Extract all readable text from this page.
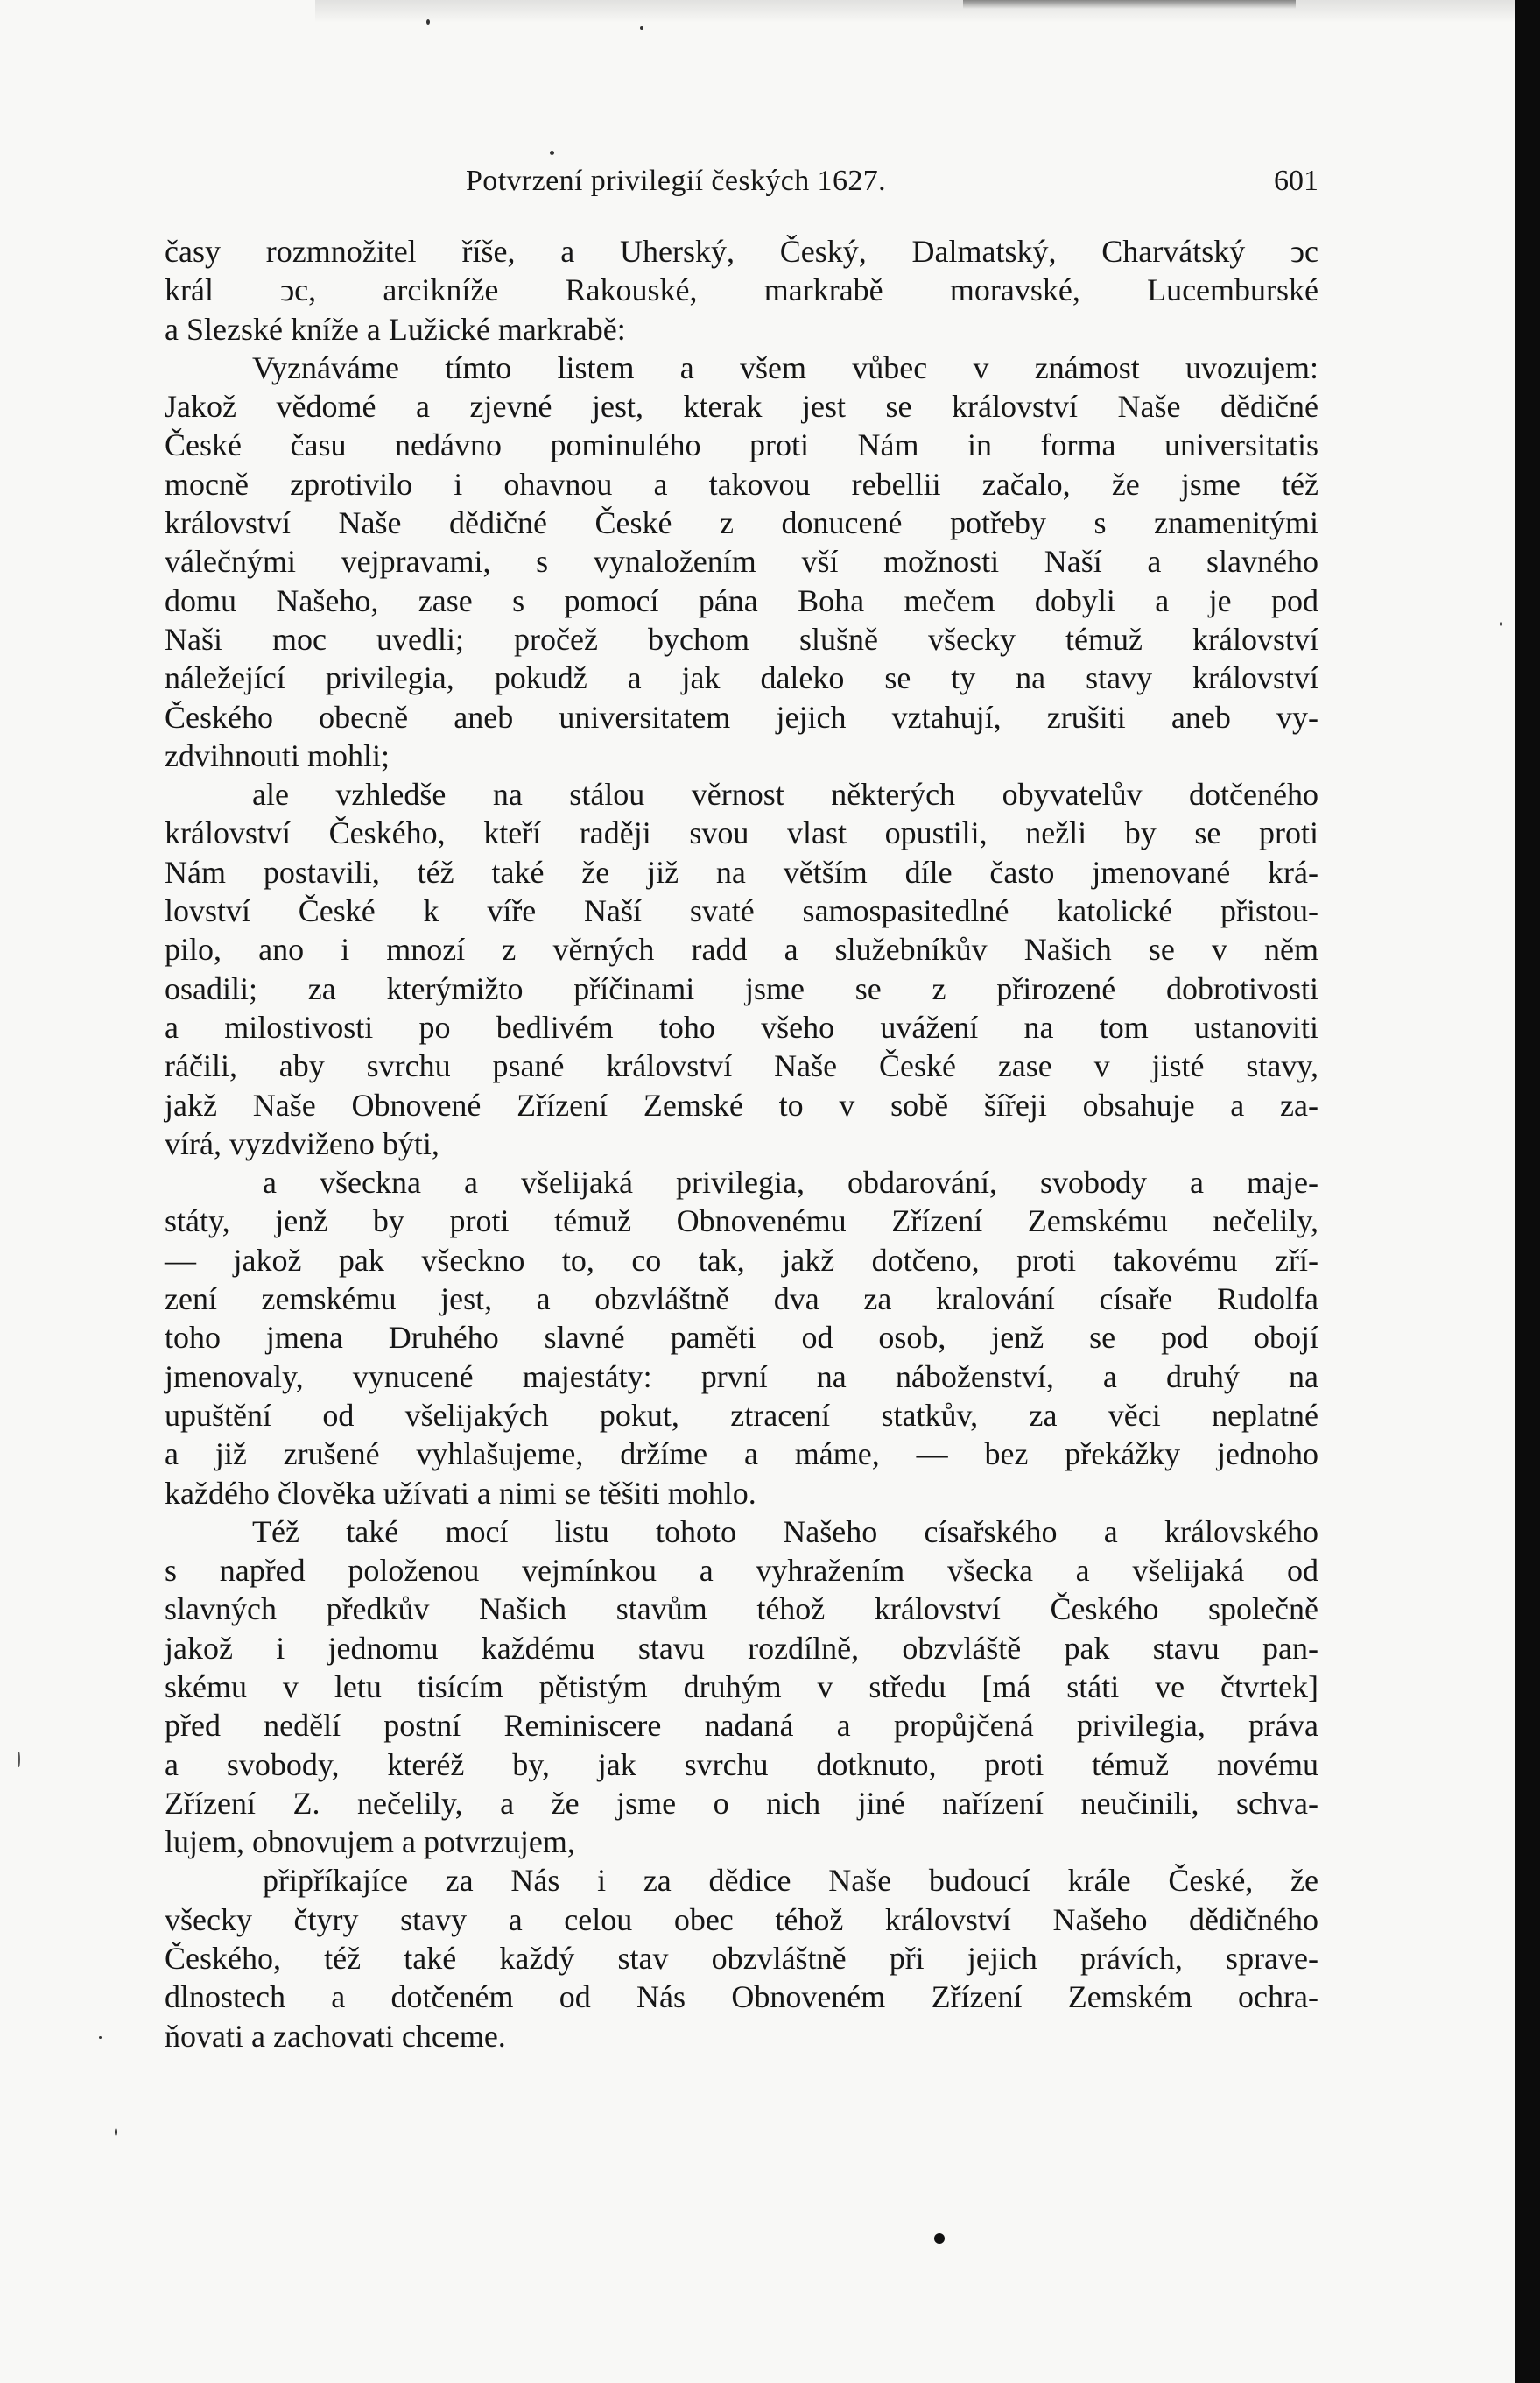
Potvrzení privilegií českých 1627.	601
časy rozmnožitel říše, a Uherský, Český, Dalmatský, Charvátský ͻc
král ͻc, arcikníže Rakouské, markrabě moravské, Lucemburské
a Slezské kníže a Lužické markrabě:
Vyznáváme tímto listem a všem vůbec v známost uvozujem:
Jakož vědomé a zjevné jest, kterak jest se království Naše dědičné
České času nedávno pominulého proti Nám in forma universitatis
mocně zprotivilo i ohavnou a takovou rebellii začalo, že jsme též
království Naše dědičné České z donucené potřeby s znamenitými
válečnými vejpravami, s vynaložením vší možnosti Naší a slavného
domu Našeho, zase s pomocí pána Boha mečem dobyli a je pod
Naši moc uvedli; pročež bychom slušně všecky témuž království
náležející privilegia, pokudž a jak daleko se ty na stavy království
Českého obecně aneb universitatem jejich vztahují, zrušiti aneb vy-
zdvihnouti mohli;
ale vzhledše na stálou věrnost některých obyvatelův dotčeného
království Českého, kteří raději svou vlast opustili, nežli by se proti
Nám postavili, též také že již na větším díle často jmenované krá-
lovství České k víře Naší svaté samospasitedlné katolické přistou-
pilo, ano i mnozí z věrných radd a služebníkův Našich se v něm
osadili; za kterýmižto příčinami jsme se z přirozené dobrotivosti
a milostivosti po bedlivém toho všeho uvážení na tom ustanoviti
ráčili, aby svrchu psané království Naše České zase v jisté stavy,
jakž Naše Obnovené Zřízení Zemské to v sobě šířeji obsahuje a za-
vírá, vyzdviženo býti,
a všecknа a všelijaká privilegia, obdarování, svobody a maje-
státy, jenž by proti témuž Obnovenému Zřízení Zemskému nečelily,
— jakož pak všeckno to, co tak, jakž dotčeno, proti takovému zří-
zení zemskému jest, a obzvláštně dva za kralování císaře Rudolfa
toho jmena Druhého slavné paměti od osob, jenž se pod obojí
jmenovaly, vynucené majestáty: první na náboženství, a druhý na
upuštění od všelijakých pokut, ztracení statkův, za věci neplatné
a již zrušené vyhlašujeme, držíme a máme, — bez překážky jednoho
každého člověka užívati a nimi se těšiti mohlo.
Též také mocí listu tohoto Našeho císařského a královského
s napřed položenou vejmínkou a vyhražením všecka a všelijaká od
slavných předkův Našich stavům téhož království Českého společně
jakož i jednomu každému stavu rozdílně, obzvláště pak stavu pan-
skému v letu tisícím pětistým druhým v středu [má státi ve čtvrtek]
před nedělí postní Reminiscere nadaná a propůjčená privilegia, práva
a svobody, kteréž by, jak svrchu dotknuto, proti témuž novému
Zřízení Z. nečelily, a že jsme o nich jiné nařízení neučinili, schva-
lujem, obnovujem a potvrzujem,
připříkajíce za Nás i za dědice Naše budoucí krále České, že
všecky čtyry stavy a celou obec téhož království Našeho dědičného
Českého, též také každý stav obzvláštně při jejich právích, sprave-
dlnostech a dotčeném od Nás Obnoveném Zřízení Zemském ochra-
ňovati a zachovati chceme.
